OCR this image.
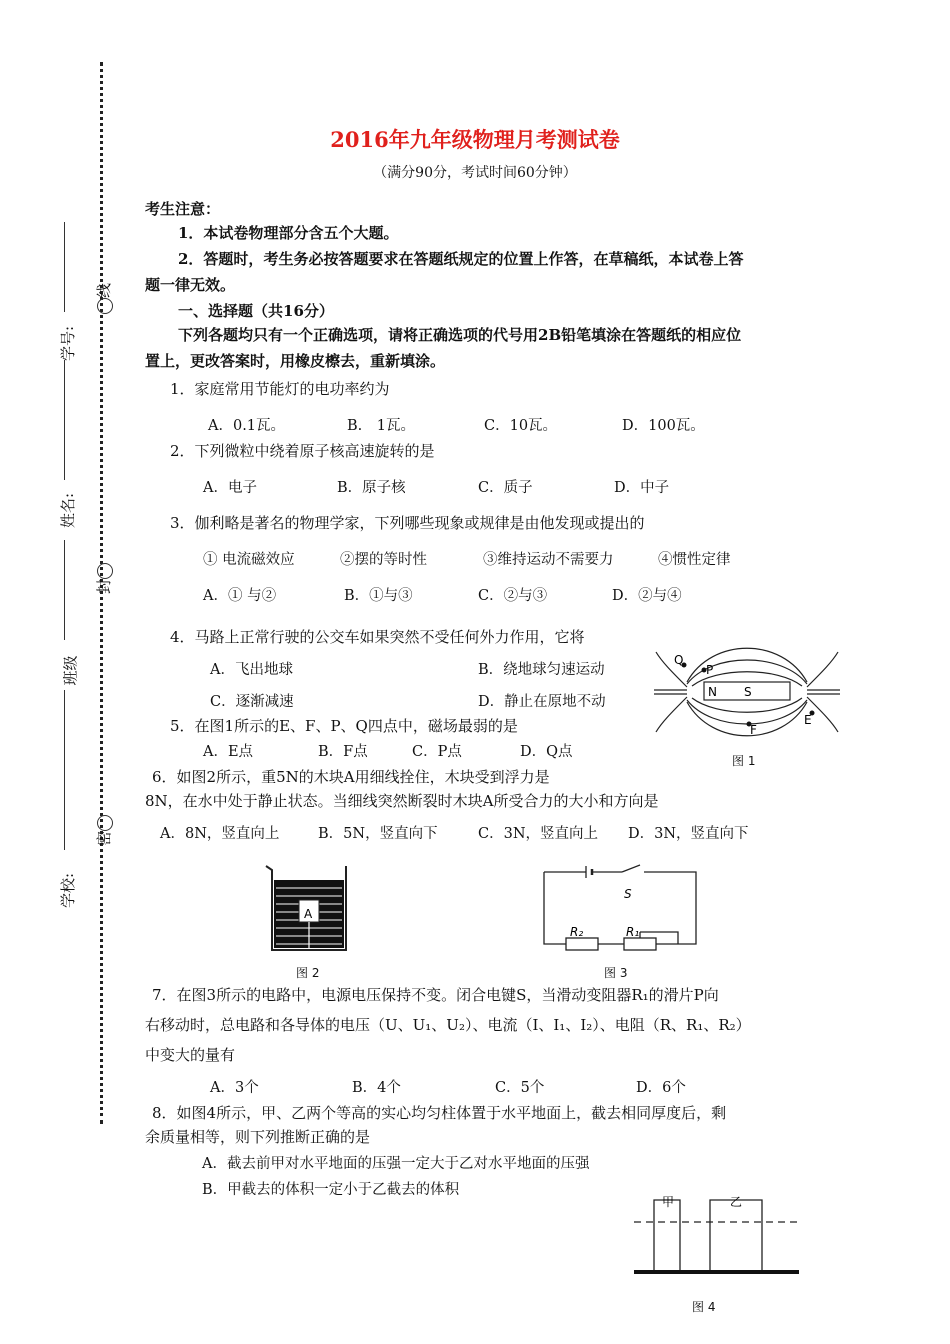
线
封
密
学号:
姓名:
班级
学校:
2016年九年级物理月考测试卷
（满分90分，考试时间60分钟）
考生注意：
1．本试卷物理部分含五个大题。
2．答题时，考生务必按答题要求在答题纸规定的位置上作答，在草稿纸，本试卷上答
题一律无效。
一、选择题（共16分）
下列各题均只有一个正确选项，请将正确选项的代号用2B铅笔填涂在答题纸的相应位
置上，更改答案时，用橡皮檫去，重新填涂。
1．家庭常用节能灯的电功率约为
A．0.1瓦。	B.　1瓦。	C．10瓦。	D．100瓦。
2．下列微粒中绕着原子核高速旋转的是
A．电子	B．原子核	C．质子	D．中子
3．伽利略是著名的物理学家，下列哪些现象或规律是由他发现或提出的
① 电流磁效应	②摆的等时性	③维持运动不需要力	④惯性定律
A．① 与②	B．①与③	C．②与③	D．②与④
4．马路上正常行驶的公交车如果突然不受任何外力作用，它将
A．飞出地球	B．绕地球匀速运动
C．逐渐减速	D．静止在原地不动
5．在图1所示的E、F、P、Q四点中，磁场最弱的是
A．E点	B．F点	C．P点	D．Q点
Q
P
N S
E
F
图 1
6．如图2所示，重5N的木块A用细线拴住，木块受到浮力是
8N，在水中处于静止状态。当细线突然断裂时木块A所受合力的大小和方向是
A．8N，竖直向上	B．5N，竖直向下	C．3N，竖直向上 D．3N，竖直向下
A
图 2
S
R₂	R₁
图 3
7．在图3所示的电路中，电源电压保持不变。闭合电键S，当滑动变阻器R₁的滑片P向
右移动时，总电路和各导体的电压（U、U₁、U₂）、电流（I、I₁、I₂）、电阻（R、R₁、R₂）
中变大的量有
A．3个	B．4个	C．5个	D．6个
8．如图4所示，甲、乙两个等高的实心均匀柱体置于水平地面上，截去相同厚度后，剩
余质量相等，则下列推断正确的是
A．截去前甲对水平地面的压强一定大于乙对水平地面的压强
B．甲截去的体积一定小于乙截去的体积
甲	乙
图 4
